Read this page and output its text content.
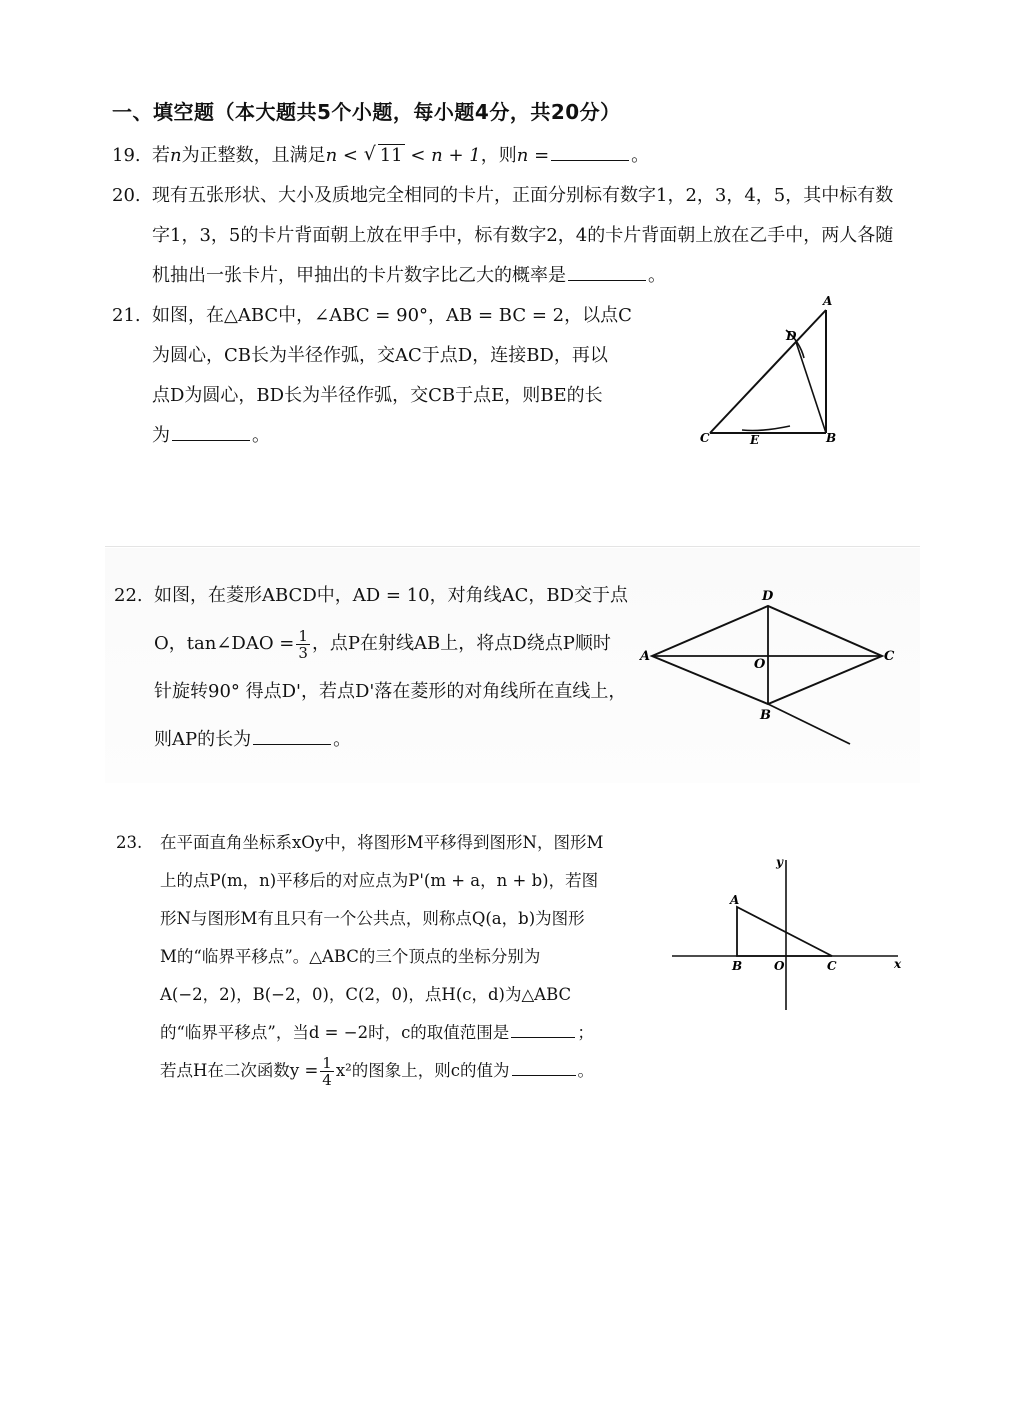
一、填空题（本大题共5个小题，每小题4分，共20分）
19. 若n为正整数，且满足n < √ 11 < n + 1，则n =	。
20. 现有五张形状、大小及质地完全相同的卡片，正面分别标有数字1，2，3，4，5，其中标有数
字1，3，5的卡片背面朝上放在甲手中，标有数字2，4的卡片背面朝上放在乙手中，两人各随
机抽出一张卡片，甲抽出的卡片数字比乙大的概率是	。
21. 如图，在△ABC中，∠ABC = 90°，AB = BC = 2，以点C
为圆心，CB长为半径作弧，交AC于点D，连接BD，再以
点D为圆心，BD长为半径作弧，交CB于点E，则BE的长
为	。
A
D
C	E	B
22. 如图，在菱形ABCD中，AD = 10，对角线AC，BD交于点
O，tan∠DAO = $\frac{1}{3}$ ，点P在射线AB上，将点D绕点P顺时
针旋转90° 得点D'，若点D'落在菱形的对角线所在直线上，
则AP的长为	。
D
A
O
C
B
23. 在平面直角坐标系xOy中，将图形M平移得到图形N，图形M
上的点P(m，n)平移后的对应点为P'(m + a，n + b)，若图
形N与图形M有且只有一个公共点，则称点Q(a，b)为图形
M的“临界平移点”。△ABC的三个顶点的坐标分别为
A(−2，2)，B(−2，0)，C(2，0)，点H(c，d)为△ABC
的“临界平移点”，当d = −2时，c的取值范围是	；
若点H在二次函数$y = \frac{1}{4} x^2$的图象上，则c的值为	。
y
A
B	O	C	x
